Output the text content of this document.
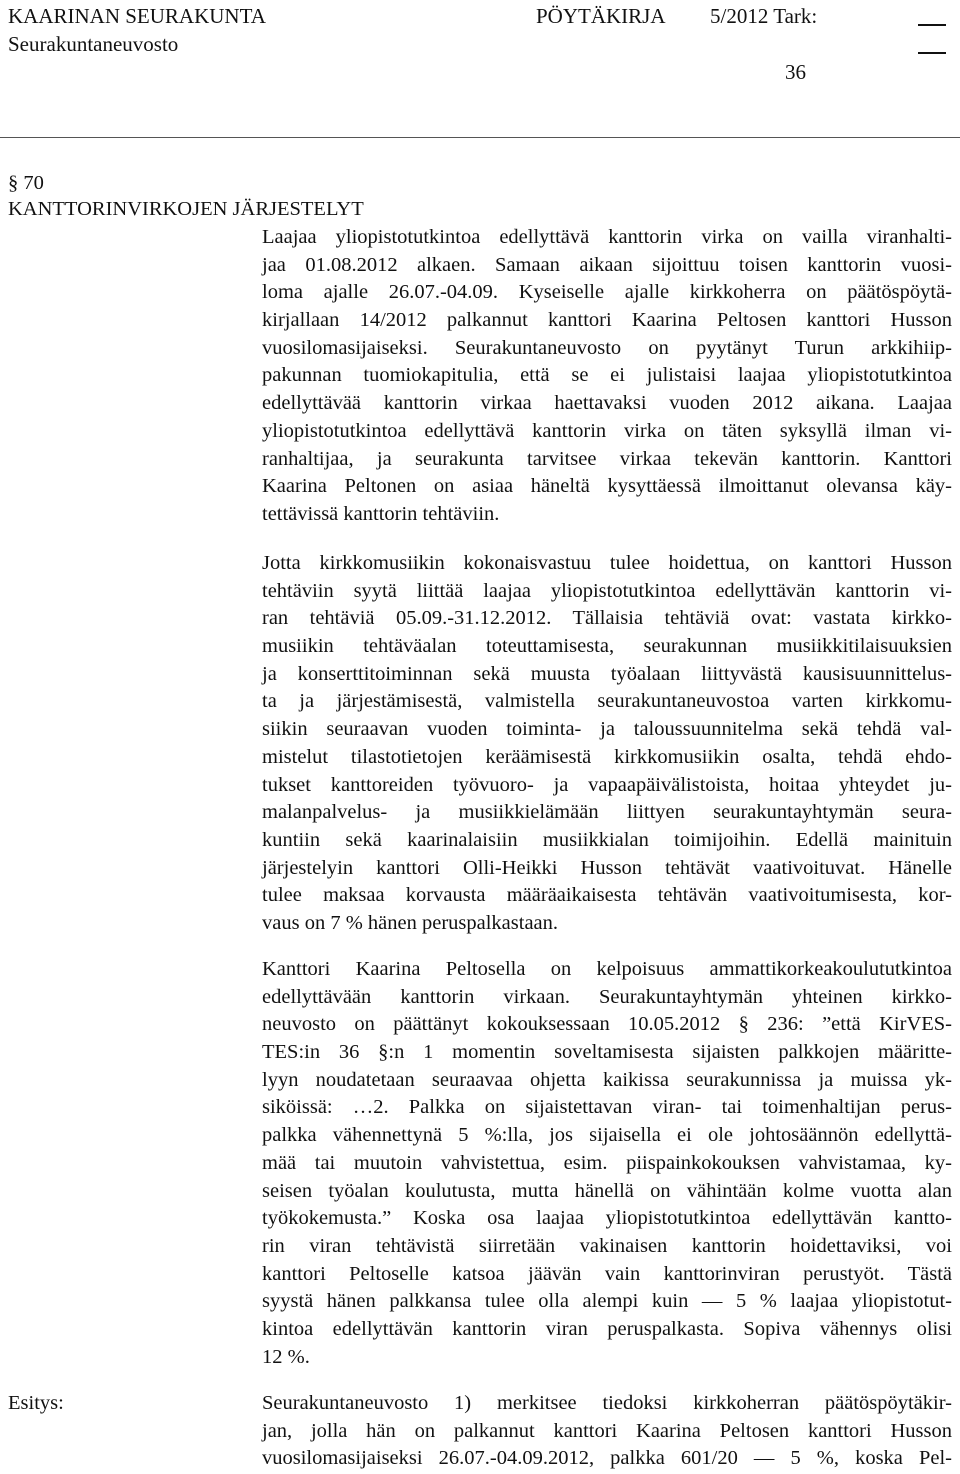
KAARINAN SEURAKUNTA	PÖYTÄKIRJA 5/2012 Tark:
Seurakuntaneuvosto
36
§ 70
KANTTORINVIRKOJEN JÄRJESTELYT
Laajaa yliopistotutkintoa edellyttävä kanttorin virka on vailla viranhalti-
jaa 01.08.2012 alkaen. Samaan aikaan sijoittuu toisen kanttorin vuosi-
loma ajalle 26.07.-04.09. Kyseiselle ajalle kirkkoherra on päätöspöytä-
kirjallaan 14/2012 palkannut kanttori Kaarina Peltosen kanttori Husson
vuosilomasijaiseksi. Seurakuntaneuvosto on pyytänyt Turun arkkihiip-
pakunnan tuomiokapitulia, että se ei julistaisi laajaa yliopistotutkintoa
edellyttävää kanttorin virkaa haettavaksi vuoden 2012 aikana. Laajaa
yliopistotutkintoa edellyttävä kanttorin virka on täten syksyllä ilman vi-
ranhaltijaa, ja seurakunta tarvitsee virkaa tekevän kanttorin. Kanttori
Kaarina Peltonen on asiaa häneltä kysyttäessä ilmoittanut olevansa käy-
tettävissä kanttorin tehtäviin.
Jotta kirkkomusiikin kokonaisvastuu tulee hoidettua, on kanttori Husson
tehtäviin syytä liittää laajaa yliopistotutkintoa edellyttävän kanttorin vi-
ran tehtäviä 05.09.-31.12.2012. Tällaisia tehtäviä ovat: vastata kirkko-
musiikin tehtäväalan toteuttamisesta, seurakunnan musiikkitilaisuuksien
ja konserttitoiminnan sekä muusta työalaan liittyvästä kausisuunnittelus-
ta ja järjestämisestä, valmistella seurakuntaneuvostoa varten kirkkomu-
siikin seuraavan vuoden toiminta- ja taloussuunnitelma sekä tehdä val-
mistelut tilastotietojen keräämisestä kirkkomusiikin osalta, tehdä ehdo-
tukset kanttoreiden työvuoro- ja vapaapäivälistoista, hoitaa yhteydet ju-
malanpalvelus- ja musiikkielämään liittyen seurakuntayhtymän seura-
kuntiin sekä kaarinalaisiin musiikkialan toimijoihin. Edellä mainituin
järjestelyin kanttori Olli-Heikki Husson tehtävät vaativoituvat. Hänelle
tulee maksaa korvausta määräaikaisesta tehtävän vaativoitumisesta, kor-
vaus on 7 % hänen peruspalkastaan.
Kanttori Kaarina Peltosella on kelpoisuus ammattikorkeakoulututkintoa
edellyttävään kanttorin virkaan. Seurakuntayhtymän yhteinen kirkko-
neuvosto on päättänyt kokouksessaan 10.05.2012 § 236: ”että KirVES-
TES:in 36 §:n 1 momentin soveltamisesta sijaisten palkkojen määritte-
lyyn noudatetaan seuraavaa ohjetta kaikissa seurakunnissa ja muissa yk-
siköissä: …2. Palkka on sijaistettavan viran- tai toimenhaltijan perus-
palkka vähennettynä 5 %:lla, jos sijaisella ei ole johtosäännön edellyttä-
mää tai muutoin vahvistettua, esim. piispainkokouksen vahvistamaa, ky-
seisen työalan koulutusta, mutta hänellä on vähintään kolme vuotta alan
työkokemusta.” Koska osa laajaa yliopistotutkintoa edellyttävän kantto-
rin viran tehtävistä siirretään vakinaisen kanttorin hoidettaviksi, voi
kanttori Peltoselle katsoa jäävän vain kanttorinviran perustyöt. Tästä
syystä hänen palkkansa tulee olla alempi kuin — 5 % laajaa yliopistotut-
kintoa edellyttävän kanttorin viran peruspalkasta. Sopiva vähennys olisi
12 %.
Esitys:	Seurakuntaneuvosto 1) merkitsee tiedoksi kirkkoherran päätöspöytäkir-
jan, jolla hän on palkannut kanttori Kaarina Peltosen kanttori Husson
vuosilomasijaiseksi 26.07.-04.09.2012, palkka 601/20 — 5 %, koska Pel-
